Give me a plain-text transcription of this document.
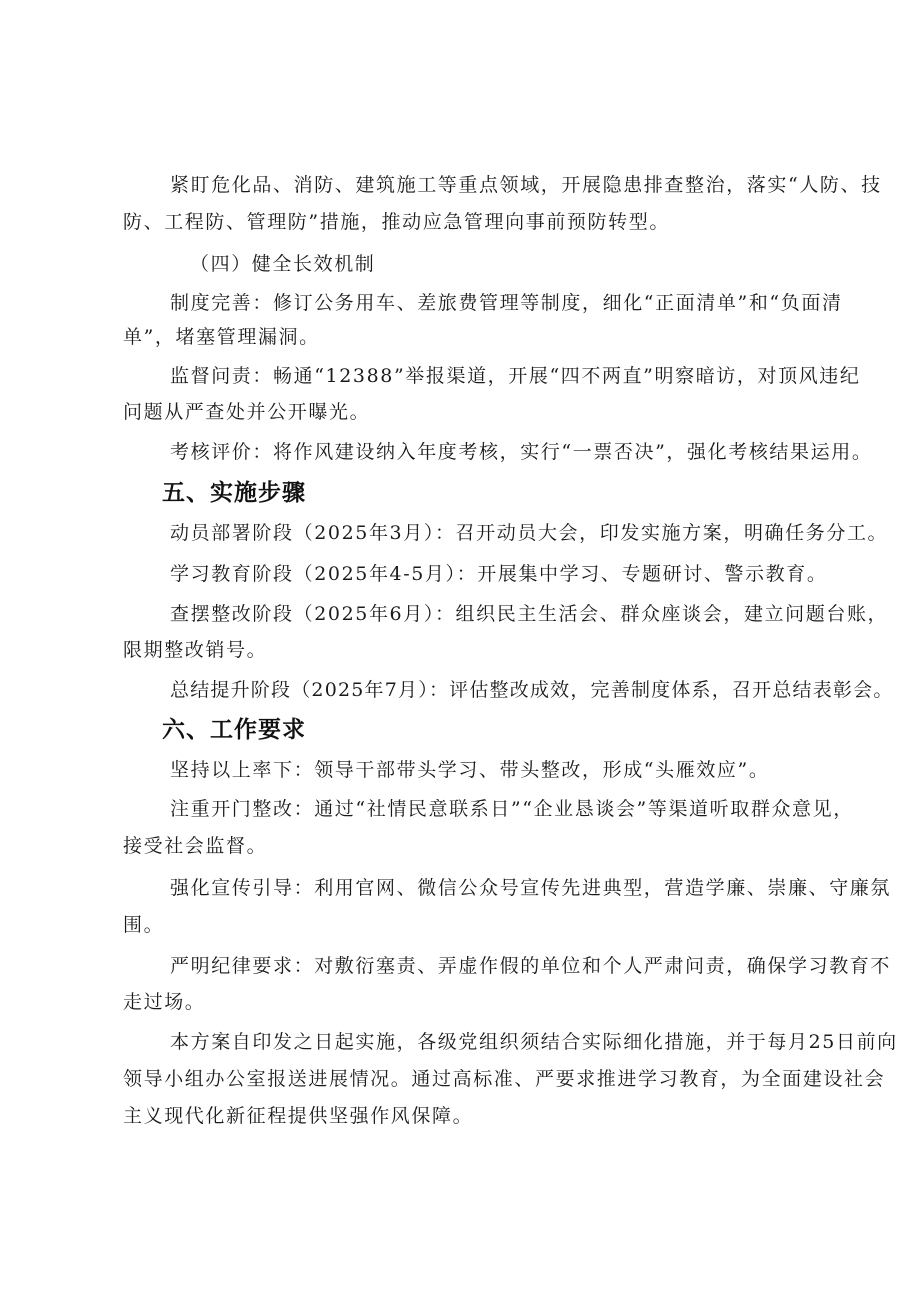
紧盯危化品、消防、建筑施工等重点领域，开展隐患排查整治，落实“人防、技
防、工程防、管理防”措施，推动应急管理向事前预防转型。
（四）健全长效机制
制度完善：修订公务用车、差旅费管理等制度，细化“正面清单”和“负面清
单”，堵塞管理漏洞。
监督问责：畅通“12388”举报渠道，开展“四不两直”明察暗访，对顶风违纪
问题从严查处并公开曝光。
考核评价：将作风建设纳入年度考核，实行“一票否决”，强化考核结果运用。
五、实施步骤
动员部署阶段（2025年3月）：召开动员大会，印发实施方案，明确任务分工。
学习教育阶段（2025年4-5月）：开展集中学习、专题研讨、警示教育。
查摆整改阶段（2025年6月）：组织民主生活会、群众座谈会，建立问题台账，
限期整改销号。
总结提升阶段（2025年7月）：评估整改成效，完善制度体系，召开总结表彰会。
六、工作要求
坚持以上率下：领导干部带头学习、带头整改，形成“头雁效应”。
注重开门整改：通过“社情民意联系日”“企业恳谈会”等渠道听取群众意见，
接受社会监督。
强化宣传引导：利用官网、微信公众号宣传先进典型，营造学廉、崇廉、守廉氛
围。
严明纪律要求：对敷衍塞责、弄虚作假的单位和个人严肃问责，确保学习教育不
走过场。
本方案自印发之日起实施，各级党组织须结合实际细化措施，并于每月25日前向
领导小组办公室报送进展情况。通过高标准、严要求推进学习教育，为全面建设社会
主义现代化新征程提供坚强作风保障。
